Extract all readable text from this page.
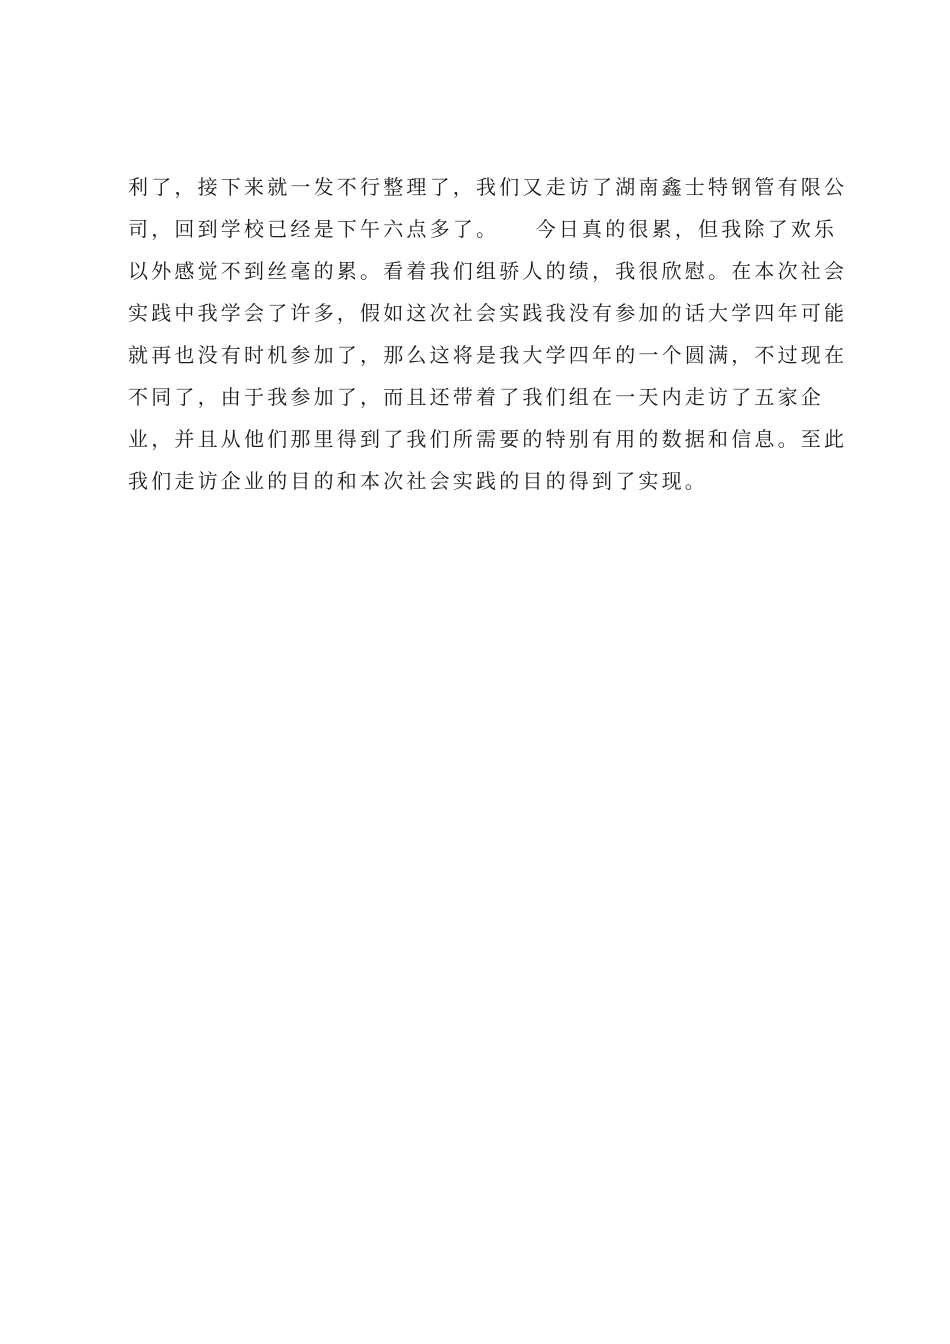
利了，接下来就一发不行整理了，我们又走访了湖南鑫士特钢管有限公
司，回到学校已经是下午六点多了。　　今日真的很累，但我除了欢乐
以外感觉不到丝毫的累。看着我们组骄人的绩，我很欣慰。在本次社会
实践中我学会了许多，假如这次社会实践我没有参加的话大学四年可能
就再也没有时机参加了，那么这将是我大学四年的一个圆满，不过现在
不同了，由于我参加了，而且还带着了我们组在一天内走访了五家企
业，并且从他们那里得到了我们所需要的特别有用的数据和信息。至此
我们走访企业的目的和本次社会实践的目的得到了实现。
